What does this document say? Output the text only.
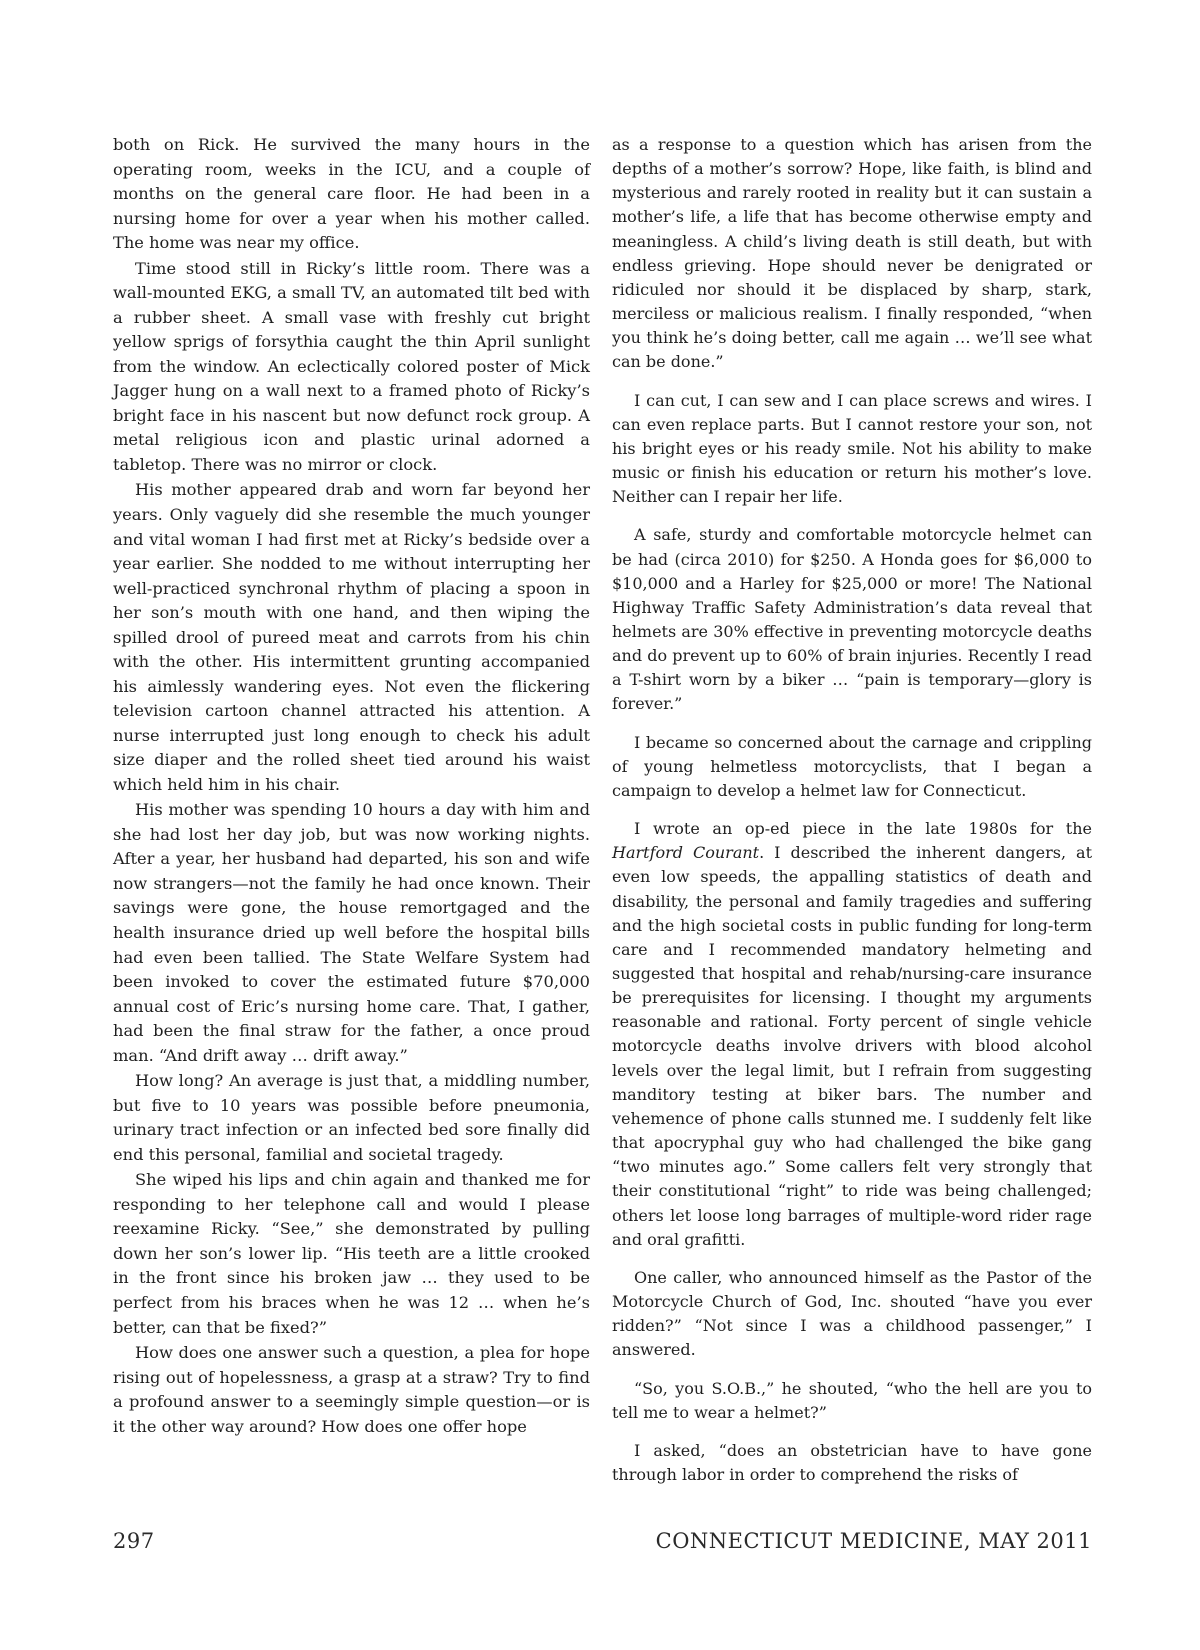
both on Rick. He survived the many hours in the operating room, weeks in the ICU, and a couple of months on the general care floor. He had been in a nursing home for over a year when his mother called. The home was near my office.

Time stood still in Ricky’s little room. There was a wall-mounted EKG, a small TV, an automated tilt bed with a rubber sheet. A small vase with freshly cut bright yellow sprigs of forsythia caught the thin April sunlight from the window. An eclectically colored poster of Mick Jagger hung on a wall next to a framed photo of Ricky’s bright face in his nascent but now defunct rock group. A metal religious icon and plastic urinal adorned a tabletop. There was no mirror or clock.

His mother appeared drab and worn far beyond her years. Only vaguely did she resemble the much younger and vital woman I had first met at Ricky’s bedside over a year earlier. She nodded to me without interrupting her well-practiced synchronal rhythm of placing a spoon in her son’s mouth with one hand, and then wiping the spilled drool of pureed meat and carrots from his chin with the other. His intermittent grunting accompanied his aimlessly wandering eyes. Not even the flickering television cartoon channel attracted his attention. A nurse interrupted just long enough to check his adult size diaper and the rolled sheet tied around his waist which held him in his chair.

His mother was spending 10 hours a day with him and she had lost her day job, but was now working nights. After a year, her husband had departed, his son and wife now strangers—not the family he had once known. Their savings were gone, the house remortgaged and the health insurance dried up well before the hospital bills had even been tallied. The State Welfare System had been invoked to cover the estimated future $70,000 annual cost of Eric’s nursing home care. That, I gather, had been the final straw for the father, a once proud man. “And drift away … drift away.”

How long? An average is just that, a middling number, but five to 10 years was possible before pneumonia, urinary tract infection or an infected bed sore finally did end this personal, familial and societal tragedy.

She wiped his lips and chin again and thanked me for responding to her telephone call and would I please reexamine Ricky. “See,” she demonstrated by pulling down her son’s lower lip. “His teeth are a little crooked in the front since his broken jaw … they used to be perfect from his braces when he was 12 … when he’s better, can that be fixed?”

How does one answer such a question, a plea for hope rising out of hopelessness, a grasp at a straw? Try to find a profound answer to a seemingly simple question—or is it the other way around? How does one offer hope

as a response to a question which has arisen from the depths of a mother’s sorrow? Hope, like faith, is blind and mysterious and rarely rooted in reality but it can sustain a mother’s life, a life that has become otherwise empty and meaningless. A child’s living death is still death, but with endless grieving. Hope should never be denigrated or ridiculed nor should it be displaced by sharp, stark, merciless or malicious realism. I finally responded, “when you think he’s doing better, call me again … we’ll see what can be done.”

I can cut, I can sew and I can place screws and wires. I can even replace parts. But I cannot restore your son, not his bright eyes or his ready smile. Not his ability to make music or finish his education or return his mother’s love. Neither can I repair her life.

A safe, sturdy and comfortable motorcycle helmet can be had (circa 2010) for $250. A Honda goes for $6,000 to $10,000 and a Harley for $25,000 or more! The National Highway Traffic Safety Administration’s data reveal that helmets are 30% effective in preventing motorcycle deaths and do prevent up to 60% of brain injuries. Recently I read a T-shirt worn by a biker … “pain is temporary—glory is forever.”

I became so concerned about the carnage and crippling of young helmetless motorcyclists, that I began a campaign to develop a helmet law for Connecticut.

I wrote an op-ed piece in the late 1980s for the Hartford Courant. I described the inherent dangers, at even low speeds, the appalling statistics of death and disability, the personal and family tragedies and suffering and the high societal costs in public funding for long-term care and I recommended mandatory helmeting and suggested that hospital and rehab/nursing-care insurance be prerequisites for licensing. I thought my arguments reasonable and rational. Forty percent of single vehicle motorcycle deaths involve drivers with blood alcohol levels over the legal limit, but I refrain from suggesting manditory testing at biker bars. The number and vehemence of phone calls stunned me. I suddenly felt like that apocryphal guy who had challenged the bike gang “two minutes ago.” Some callers felt very strongly that their constitutional “right” to ride was being challenged; others let loose long barrages of multiple-word rider rage and oral grafitti.

One caller, who announced himself as the Pastor of the Motorcycle Church of God, Inc. shouted “have you ever ridden?” “Not since I was a childhood passenger,” I answered.

“So, you S.O.B.,” he shouted, “who the hell are you to tell me to wear a helmet?”

I asked, “does an obstetrician have to have gone through labor in order to comprehend the risks of

297	CONNECTICUT MEDICINE, MAY 2011
